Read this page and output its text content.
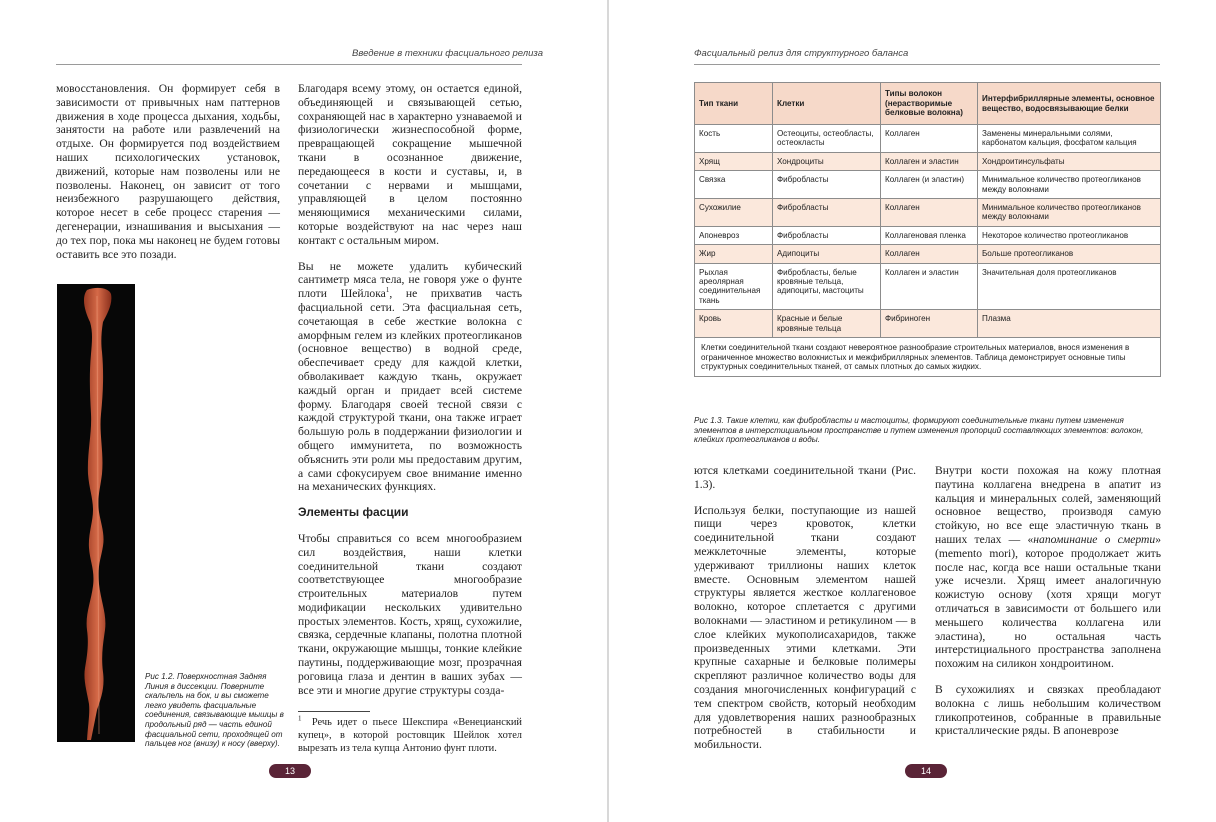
Введение в техники фасциального релиза

мовосстановления. Он формирует себя в зависимости от привычных нам паттернов движения в ходе процесса дыхания, ходьбы, занятости на работе или развлечений на отдыхе. Он формируется под воздействием наших психологических установок, движений, которые нам позволены или не позволены. Наконец, он зависит от того неизбежного разрушающего действия, которое несет в себе процесс старения — дегенерации, изнашивания и высыхания — до тех пор, пока мы наконец не будем готовы оставить все это позади.

Рис 1.2. Поверхностная Задняя Линия в диссекции. Поверните скальпель на бок, и вы сможете легко увидеть фасциальные соединения, связывающие мышцы в продольный ряд — часть единой фасциальной сети, проходящей от пальцев ног (внизу) к носу (вверху).

Благодаря всему этому, он остается единой, объединяющей и связывающей сетью, сохраняющей нас в характерно узнаваемой и физиологически жизнеспособной форме, превращающей сокращение мышечной ткани в осознанное движение, передающееся в кости и суставы, и, в сочетании с нервами и мышцами, управляющей в целом постоянно меняющимися механическими силами, которые воздействуют на нас через наш контакт с остальным миром.

Вы не можете удалить кубический сантиметр мяса тела, не говоря уже о фунте плоти Шейлока$^1$, не прихватив часть фасциальной сети. Эта фасциальная сеть, сочетающая в себе жесткие волокна с аморфным гелем из клейких протеогликанов (основное вещество) в водной среде, обеспечивает среду для каждой клетки, обволакивает каждую ткань, окружает каждый орган и придает всей системе форму. Благодаря своей тесной связи с каждой структурой ткани, она также играет большую роль в поддержании физиологии и общего иммунитета, по возможность объяснить эти роли мы предоставим другим, а сами сфокусируем свое внимание именно на механических функциях.

Элементы фасции

Чтобы справиться со всем многообразием сил воздействия, наши клетки соединительной ткани создают соответствующее многообразие строительных материалов путем модификации нескольких удивительно простых элементов. Кость, хрящ, сухожилие, связка, сердечные клапаны, полотна плотной ткани, окружающие мышцы, тонкие клейкие паутины, поддерживающие мозг, прозрачная роговица глаза и дентин в ваших зубах — все эти и многие другие структуры созда-

$^1$ Речь идет о пьесе Шекспира «Венецианский купец», в которой ростовщик Шейлок хотел вырезать из тела купца Антонио фунт плоти.
13
Фасциальный релиз для структурного баланса
Тип ткани	Клетки	Типы волокон (нерастворимые белковые волокна)	Интерфибриллярные элементы, основное вещество, водосвязывающие белки
Кость	Остеоциты, остеобласты, остеокласты	Коллаген	Заменены минеральными солями, карбонатом кальция, фосфатом кальция
Хрящ	Хондроциты	Коллаген и эластин	Хондроитинсульфаты
Связка	Фибробласты	Коллаген (и эластин)	Минимальное количество протеогликанов между волокнами
Сухожилие	Фибробласты	Коллаген	Минимальное количество протеогликанов между волокнами
Апоневроз	Фибробласты	Коллагеновая пленка	Некоторое количество протеогликанов
Жир	Адипоциты	Коллаген	Больше протеогликанов
Рыхлая ареолярная соединительная ткань	Фибробласты, белые кровяные тельца, адипоциты, мастоциты	Коллаген и эластин	Значительная доля протеогликанов
Кровь	Красные и белые кровяные тельца	Фибриноген	Плазма
Клетки соединительной ткани создают невероятное разнообразие строительных материалов, внося изменения в ограниченное множество волокнистых и межфибриллярных элементов. Таблица демонстрирует основные типы структурных соединительных тканей, от самых плотных до самых жидких.			
Рис 1.3. Такие клетки, как фибробласты и мастоциты, формируют соединительные ткани путем изменения элементов в интерстициальном пространстве и путем изменения пропорций составляющих элементов: волокон, клейких протеогликанов и воды.

ются клетками соединительной ткани (Рис. 1.3).

Используя белки, поступающие из нашей пищи через кровоток, клетки соединительной ткани создают межклеточные элементы, которые удерживают триллионы наших клеток вместе. Основным элементом нашей структуры является жесткое коллагеновое волокно, которое сплетается с другими волокнами — эластином и ретикулином — в слое клейких мукополисахаридов, также произведенных этими клетками. Эти крупные сахарные и белковые полимеры скрепляют различное количество воды для создания многочисленных конфигураций с тем спектром свойств, который необходим для удовлетворения наших разнообразных потребностей в стабильности и мобильности.

Внутри кости похожая на кожу плотная паутина коллагена внедрена в апатит из кальция и минеральных солей, заменяющий основное вещество, производя самую стойкую, но все еще эластичную ткань в наших телах — «напоминание о смерти» (memento mori), которое продолжает жить после нас, когда все наши остальные ткани уже исчезли. Хрящ имеет аналогичную кожистую основу (хотя хрящи могут отличаться в зависимости от большего или меньшего количества коллагена или эластина), но остальная часть интерстициального пространства заполнена похожим на силикон хондроитином.

В сухожилиях и связках преобладают волокна с лишь небольшим количеством гликопротеинов, собранные в правильные кристаллические ряды. В апоневрозе

14
